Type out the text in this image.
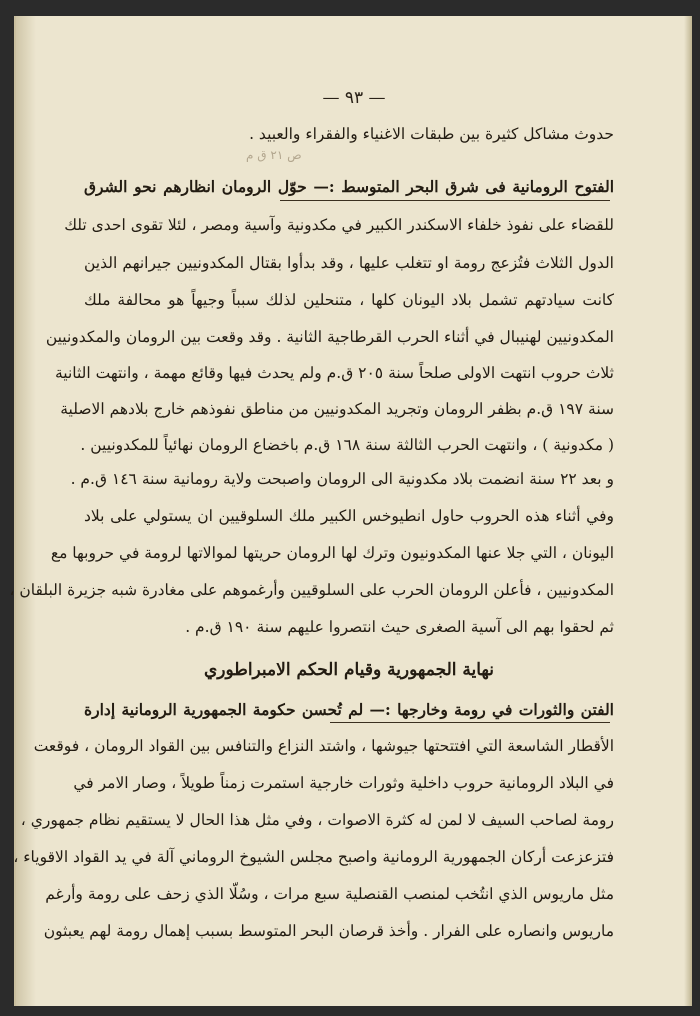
— ٩٣ —
ص ٢١ ق م
حدوث مشاكل كثيرة بين طبقات الاغنياء والفقراء والعبيد .
الفتوح الرومانية فى شرق البحر المتوسط :— حوّل الرومان انظارهم نحو الشرق
للقضاء على نفوذ خلفاء الاسكندر الكبير في مكدونية وآسية ومصر ، لئلا تقوى احدى تلك
الدول الثلاث فتُزعج رومة او تتغلب عليها ، وقد بدأوا بقتال المكدونيين جيرانهم الذين
كانت سيادتهم تشمل بلاد اليونان كلها ، متنحلين لذلك سبباً وجيهاً هو محالفة ملك
المكدونيين لهنيبال في أثناء الحرب القرطاجية الثانية . وقد وقعت بين الرومان والمكدونيين
ثلاث حروب انتهت الاولى صلحاً سنة ٢٠٥ ق.م ولم يحدث فيها وقائع مهمة ، وانتهت الثانية
سنة ١٩٧ ق.م بظفر الرومان وتجريد المكدونيين من مناطق نفوذهم خارج بلادهم الاصلية
( مكدونية ) ، وانتهت الحرب الثالثة سنة ١٦٨ ق.م باخضاع الرومان نهائياً للمكدونيين .
و بعد ٢٢ سنة انضمت بلاد مكدونية الى الرومان واصبحت ولاية رومانية سنة ١٤٦ ق.م .
وفي أثناء هذه الحروب حاول انطيوخس الكبير ملك السلوقيين ان يستولي على بلاد
اليونان ، التي جلا عنها المكدونيون وترك لها الرومان حريتها لموالاتها لرومة في حروبها مع
المكدونيين ، فأعلن الرومان الحرب على السلوقيين وأرغموهم على مغادرة شبه جزيرة البلقان ،
ثم لحقوا بهم الى آسية الصغرى حيث انتصروا عليهم سنة ١٩٠ ق.م .
نهاية الجمهورية وقيام الحكم الامبراطوري
الفتن والثورات في رومة وخارجها :— لم تُحسن حكومة الجمهورية الرومانية إدارة
الأقطار الشاسعة التي افتتحتها جيوشها ، واشتد النزاع والتنافس بين القواد الرومان ، فوقعت
في البلاد الرومانية حروب داخلية وثورات خارجية استمرت زمناً طويلاً ، وصار الامر في
رومة لصاحب السيف لا لمن له كثرة الاصوات ، وفي مثل هذا الحال لا يستقيم نظام جمهوري ،
فتزعزعت أركان الجمهورية الرومانية واصبح مجلس الشيوخ الروماني آلة في يد القواد الاقوياء ،
مثل ماريوس الذي انتُخب لمنصب القنصلية سبع مرات ، وسُلّا الذي زحف على رومة وأرغم
ماريوس وانصاره على الفرار . وأخذ قرصان البحر المتوسط بسبب إهمال رومة لهم يعبثون
